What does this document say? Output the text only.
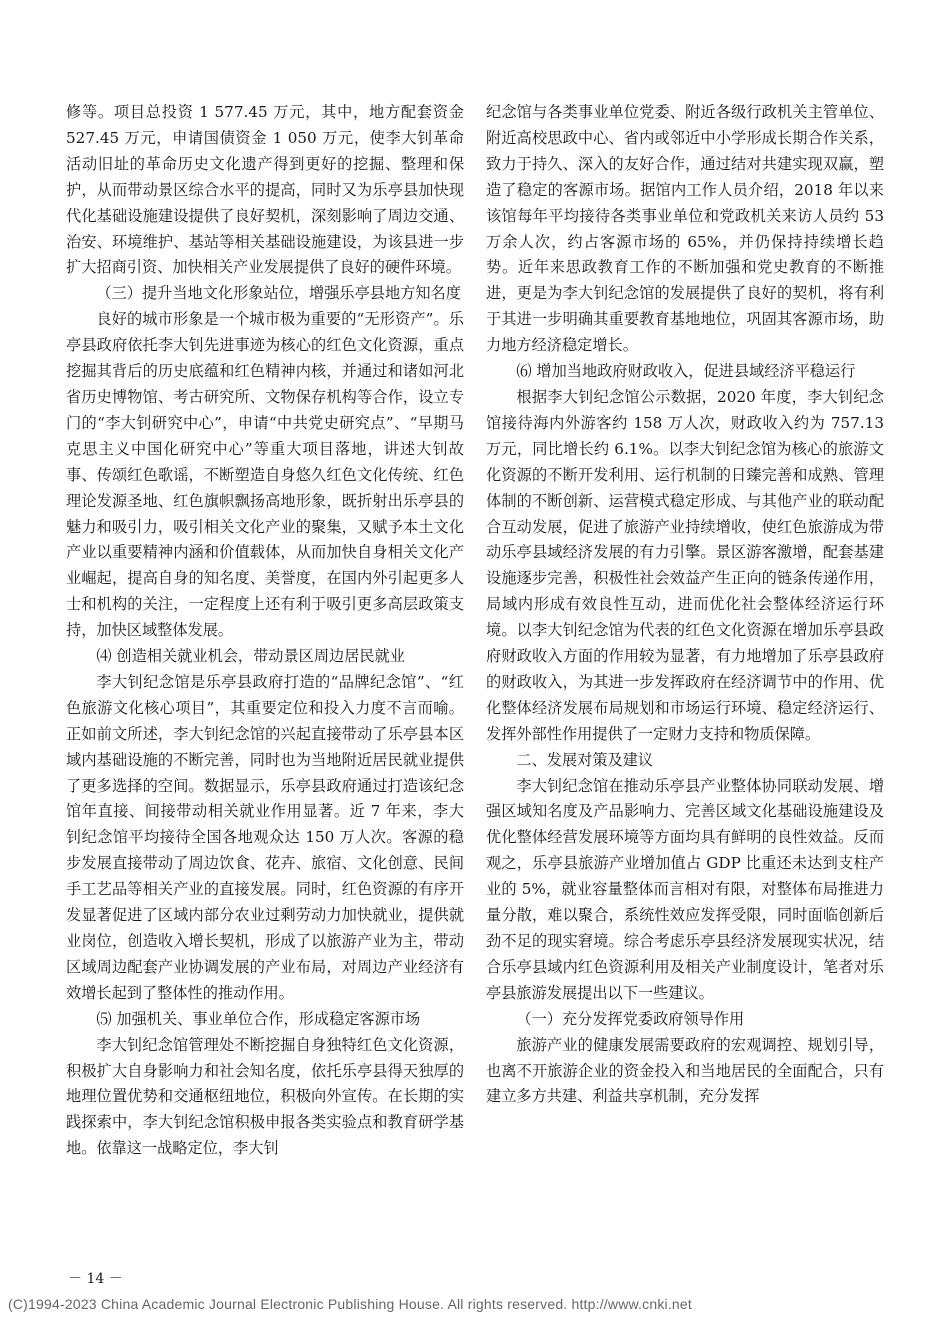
修等。项目总投资 1 577.45 万元，其中，地方配套资金 527.45 万元，申请国债资金 1 050 万元，使李大钊革命活动旧址的革命历史文化遗产得到更好的挖掘、整理和保护，从而带动景区综合水平的提高，同时又为乐亭县加快现代化基础设施建设提供了良好契机，深刻影响了周边交通、治安、环境维护、基站等相关基础设施建设，为该县进一步扩大招商引资、加快相关产业发展提供了良好的硬件环境。

（三）提升当地文化形象站位，增强乐亭县地方知名度

良好的城市形象是一个城市极为重要的“无形资产”。乐亭县政府依托李大钊先进事迹为核心的红色文化资源，重点挖掘其背后的历史底蕴和红色精神内核，并通过和诸如河北省历史博物馆、考古研究所、文物保存机构等合作，设立专门的“李大钊研究中心”，申请“中共党史研究点”、“早期马克思主义中国化研究中心”等重大项目落地，讲述大钊故事、传颂红色歌谣，不断塑造自身悠久红色文化传统、红色理论发源圣地、红色旗帜飘扬高地形象，既折射出乐亭县的魅力和吸引力，吸引相关文化产业的聚集，又赋予本土文化产业以重要精神内涵和价值载体，从而加快自身相关文化产业崛起，提高自身的知名度、美誉度，在国内外引起更多人士和机构的关注，一定程度上还有利于吸引更多高层政策支持，加快区域整体发展。

⑷ 创造相关就业机会，带动景区周边居民就业

李大钊纪念馆是乐亭县政府打造的“品牌纪念馆”、“红色旅游文化核心项目”，其重要定位和投入力度不言而喻。正如前文所述，李大钊纪念馆的兴起直接带动了乐亭县本区域内基础设施的不断完善，同时也为当地附近居民就业提供了更多选择的空间。数据显示，乐亭县政府通过打造该纪念馆年直接、间接带动相关就业作用显著。近 7 年来，李大钊纪念馆平均接待全国各地观众达 150 万人次。客源的稳步发展直接带动了周边饮食、花卉、旅宿、文化创意、民间手工艺品等相关产业的直接发展。同时，红色资源的有序开发显著促进了区域内部分农业过剩劳动力加快就业，提供就业岗位，创造收入增长契机，形成了以旅游产业为主，带动区域周边配套产业协调发展的产业布局，对周边产业经济有效增长起到了整体性的推动作用。

⑸ 加强机关、事业单位合作，形成稳定客源市场

李大钊纪念馆管理处不断挖掘自身独特红色文化资源，积极扩大自身影响力和社会知名度，依托乐亭县得天独厚的地理位置优势和交通枢纽地位，积极向外宣传。在长期的实践探索中，李大钊纪念馆积极申报各类实验点和教育研学基地。依靠这一战略定位，李大钊

纪念馆与各类事业单位党委、附近各级行政机关主管单位、附近高校思政中心、省内或邻近中小学形成长期合作关系，致力于持久、深入的友好合作，通过结对共建实现双赢，塑造了稳定的客源市场。据馆内工作人员介绍，2018 年以来该馆每年平均接待各类事业单位和党政机关来访人员约 53 万余人次，约占客源市场的 65%，并仍保持持续增长趋势。近年来思政教育工作的不断加强和党史教育的不断推进，更是为李大钊纪念馆的发展提供了良好的契机，将有利于其进一步明确其重要教育基地地位，巩固其客源市场，助力地方经济稳定增长。

⑹ 增加当地政府财政收入，促进县域经济平稳运行

根据李大钊纪念馆公示数据，2020 年度，李大钊纪念馆接待海内外游客约 158 万人次，财政收入约为 757.13 万元，同比增长约 6.1%。以李大钊纪念馆为核心的旅游文化资源的不断开发利用、运行机制的日臻完善和成熟、管理体制的不断创新、运营模式稳定形成、与其他产业的联动配合互动发展，促进了旅游产业持续增收，使红色旅游成为带动乐亭县域经济发展的有力引擎。景区游客激增，配套基建设施逐步完善，积极性社会效益产生正向的链条传递作用，局域内形成有效良性互动，进而优化社会整体经济运行环境。以李大钊纪念馆为代表的红色文化资源在增加乐亭县政府财政收入方面的作用较为显著，有力地增加了乐亭县政府的财政收入，为其进一步发挥政府在经济调节中的作用、优化整体经济发展布局规划和市场运行环境、稳定经济运行、发挥外部性作用提供了一定财力支持和物质保障。

二、发展对策及建议

李大钊纪念馆在推动乐亭县产业整体协同联动发展、增强区域知名度及产品影响力、完善区域文化基础设施建设及优化整体经营发展环境等方面均具有鲜明的良性效益。反而观之，乐亭县旅游产业增加值占 GDP 比重还未达到支柱产业的 5%，就业容量整体而言相对有限，对整体布局推进力量分散，难以聚合，系统性效应发挥受限，同时面临创新后劲不足的现实窘境。综合考虑乐亭县经济发展现实状况，结合乐亭县域内红色资源利用及相关产业制度设计，笔者对乐亭县旅游发展提出以下一些建议。

（一）充分发挥党委政府领导作用

旅游产业的健康发展需要政府的宏观调控、规划引导，也离不开旅游企业的资金投入和当地居民的全面配合，只有建立多方共建、利益共享机制，充分发挥

－ 14 －
(C)1994-2023 China Academic Journal Electronic Publishing House. All rights reserved. http://www.cnki.net
